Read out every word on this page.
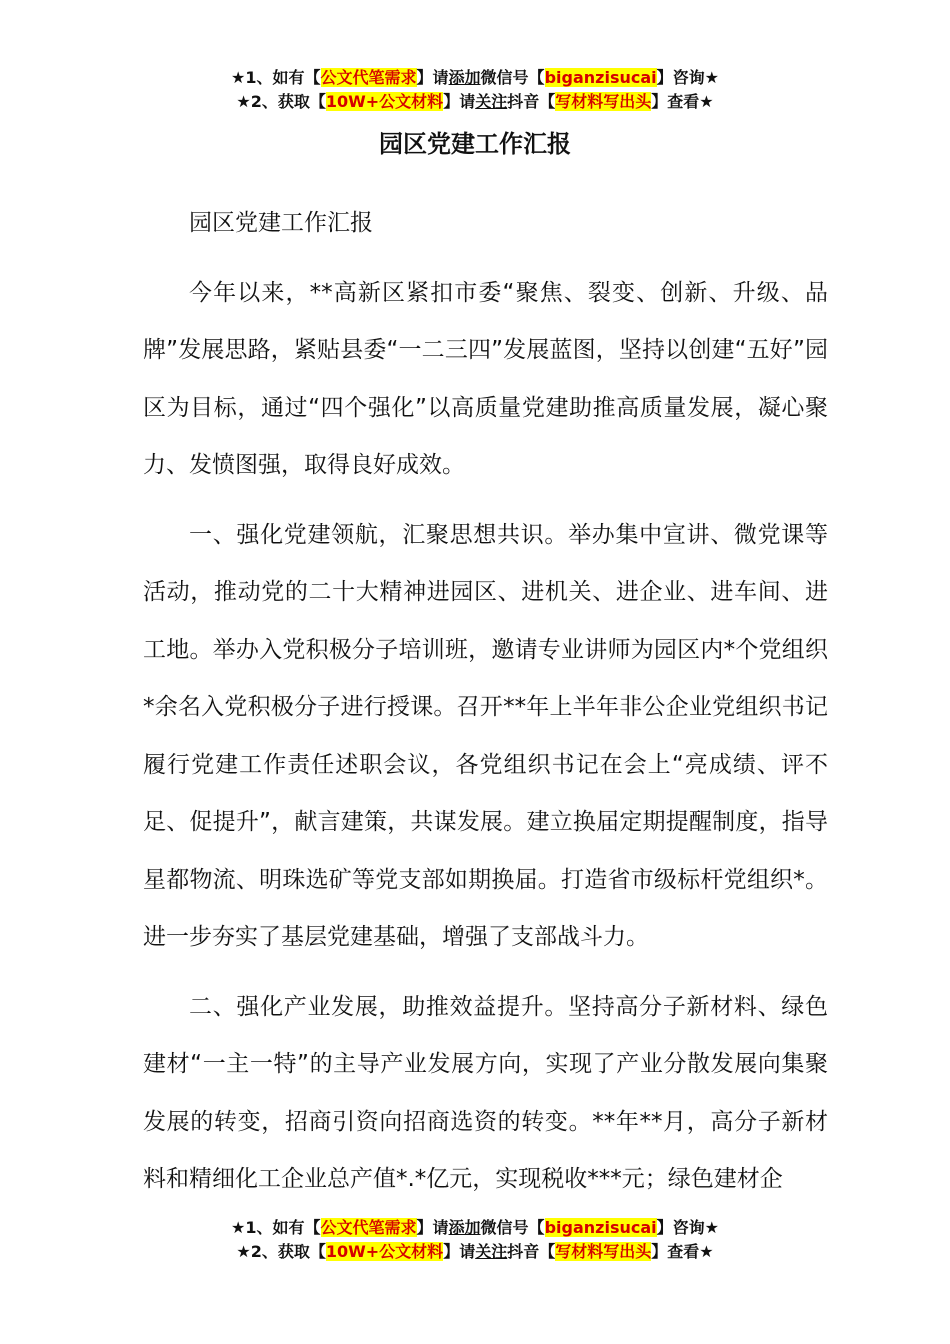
★1、如有【公文代笔需求】请添加微信号【biganzisucai】咨询★
★2、获取【10W+公文材料】请关注抖音【写材料写出头】查看★
园区党建工作汇报

园区党建工作汇报

今年以来，**高新区紧扣市委“聚焦、裂变、创新、升级、品牌”发展思路，紧贴县委“一二三四”发展蓝图，坚持以创建“五好”园区为目标，通过“四个强化”以高质量党建助推高质量发展，凝心聚力、发愤图强，取得良好成效。

一、强化党建领航，汇聚思想共识。举办集中宣讲、微党课等活动，推动党的二十大精神进园区、进机关、进企业、进车间、进工地。举办入党积极分子培训班，邀请专业讲师为园区内*个党组织*余名入党积极分子进行授课。召开**年上半年非公企业党组织书记履行党建工作责任述职会议，各党组织书记在会上“亮成绩、评不足、促提升”，献言建策，共谋发展。建立换届定期提醒制度，指导星都物流、明珠选矿等党支部如期换届。打造省市级标杆党组织*。进一步夯实了基层党建基础，增强了支部战斗力。

二、强化产业发展，助推效益提升。坚持高分子新材料、绿色建材“一主一特”的主导产业发展方向，实现了产业分散发展向集聚发展的转变，招商引资向招商选资的转变。**年**月，高分子新材料和精细化工企业总产值*.*亿元，实现税收***元；绿色建材企

★1、如有【公文代笔需求】请添加微信号【biganzisucai】咨询★
★2、获取【10W+公文材料】请关注抖音【写材料写出头】查看★
